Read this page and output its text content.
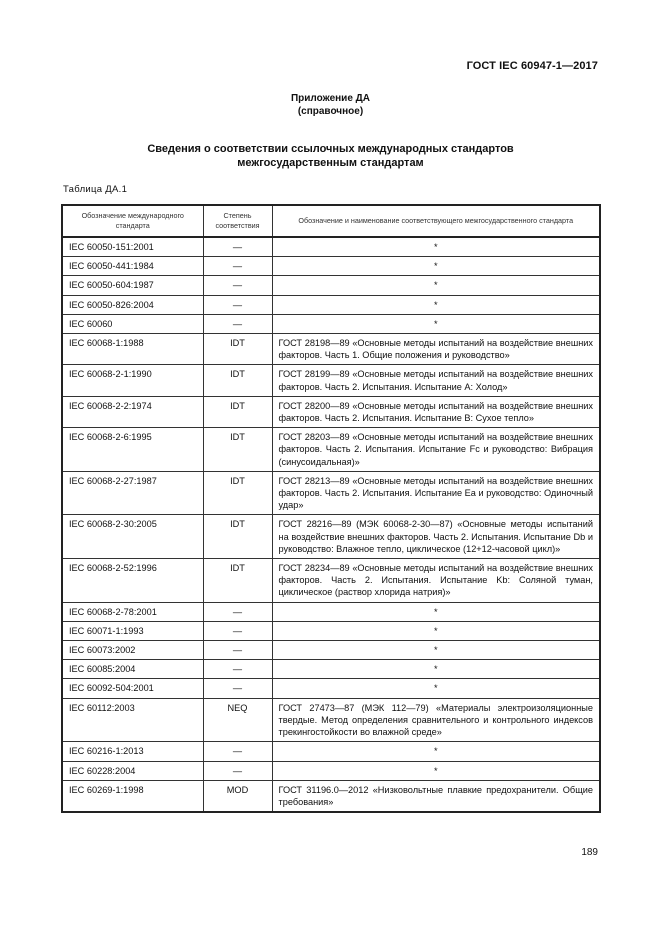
ГОСТ IEC 60947-1—2017
Приложение ДА
(справочное)
Сведения о соответствии ссылочных международных стандартов
межгосударственным стандартам
Таблица ДА.1
Обозначение международного стандарта	Степень соответствия	Обозначение и наименование соответствующего межгосударственного стандарта
IEC 60050-151:2001	—	*
IEC 60050-441:1984	—	*
IEC 60050-604:1987	—	*
IEC 60050-826:2004	—	*
IEC 60060	—	*
IEC 60068-1:1988	IDT	ГОСТ 28198—89 «Основные методы испытаний на воздействие внешних факторов. Часть 1. Общие положения и руководство»
IEC 60068-2-1:1990	IDT	ГОСТ 28199—89 «Основные методы испытаний на воздействие внешних факторов. Часть 2. Испытания. Испытание А: Холод»
IEC 60068-2-2:1974	IDT	ГОСТ 28200—89 «Основные методы испытаний на воздействие внешних факторов. Часть 2. Испытания. Испытание В: Сухое тепло»
IEC 60068-2-6:1995	IDT	ГОСТ 28203—89 «Основные методы испытаний на воздействие внешних факторов. Часть 2. Испытания. Испытание Fc и руководство: Вибрация (синусоидальная)»
IEC 60068-2-27:1987	IDT	ГОСТ 28213—89 «Основные методы испытаний на воздействие внешних факторов. Часть 2. Испытания. Испытание Еа и руководство: Одиночный удар»
IEC 60068-2-30:2005	IDT	ГОСТ 28216—89 (МЭК 60068-2-30—87) «Основные методы испытаний на воздействие внешних факторов. Часть 2. Испытания. Испытание Db и руководство: Влажное тепло, циклическое (12+12-часовой цикл)»
IEC 60068-2-52:1996	IDT	ГОСТ 28234—89 «Основные методы испытаний на воздействие внешних факторов. Часть 2. Испытания. Испытание Kb: Соляной туман, циклическое (раствор хлорида натрия)»
IEC 60068-2-78:2001	—	*
IEC 60071-1:1993	—	*
IEC 60073:2002	—	*
IEC 60085:2004	—	*
IEC 60092-504:2001	—	*
IEC 60112:2003	NEQ	ГОСТ 27473—87 (МЭК 112—79) «Материалы электроизоляционные твердые. Метод определения сравнительного и контрольного индексов трекингостойкости во влажной среде»
IEC 60216-1:2013	—	*
IEC 60228:2004	—	*
IEC 60269-1:1998	MOD	ГОСТ 31196.0—2012 «Низковольтные плавкие предохранители. Общие требования»
189
